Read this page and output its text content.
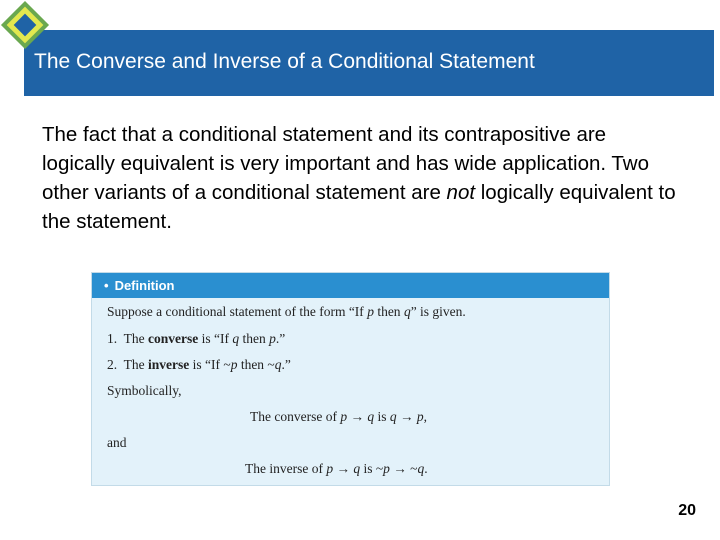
The Converse and Inverse of a Conditional Statement
The fact that a conditional statement and its contrapositive are logically equivalent is very important and has wide application. Two other variants of a conditional statement are not logically equivalent to the statement.
• Definition
Suppose a conditional statement of the form “If p then q” is given.
1. The converse is “If q then p.”
2. The inverse is “If ~p then ~q.”
Symbolically,
The converse of p → q is q → p,
and
The inverse of p → q is ~p → ~q.
20
